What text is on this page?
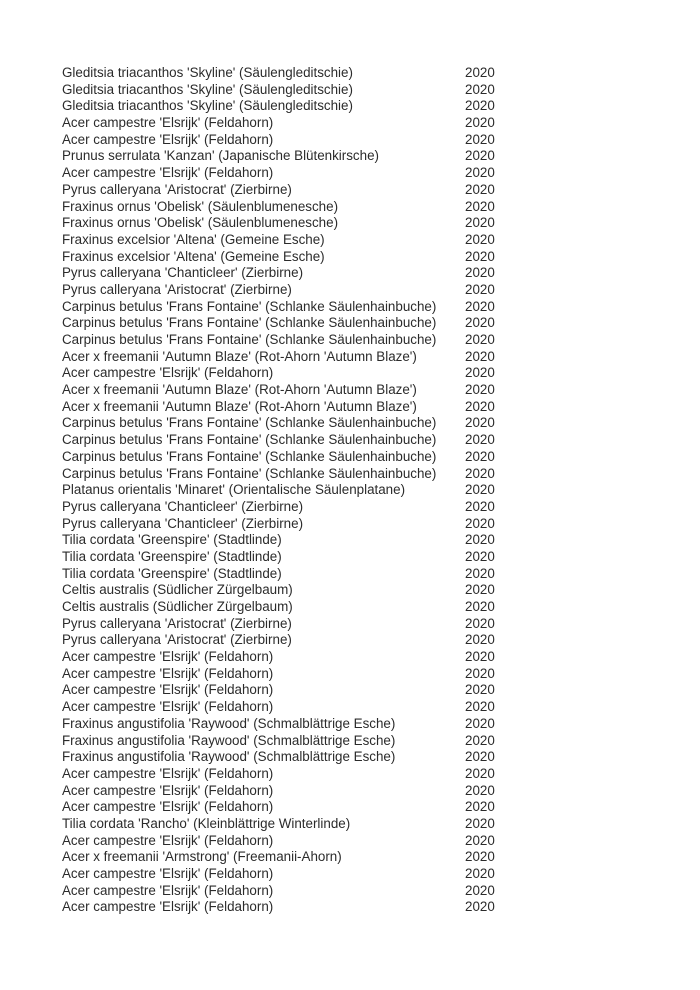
Gleditsia triacanthos 'Skyline' (Säulengleditschie)	2020
Gleditsia triacanthos 'Skyline' (Säulengleditschie)	2020
Gleditsia triacanthos 'Skyline' (Säulengleditschie)	2020
Acer campestre 'Elsrijk' (Feldahorn)	2020
Acer campestre 'Elsrijk' (Feldahorn)	2020
Prunus serrulata 'Kanzan' (Japanische Blütenkirsche)	2020
Acer campestre 'Elsrijk' (Feldahorn)	2020
Pyrus calleryana 'Aristocrat' (Zierbirne)	2020
Fraxinus ornus 'Obelisk' (Säulenblumenesche)	2020
Fraxinus ornus 'Obelisk' (Säulenblumenesche)	2020
Fraxinus excelsior 'Altena' (Gemeine Esche)	2020
Fraxinus excelsior 'Altena' (Gemeine Esche)	2020
Pyrus calleryana 'Chanticleer' (Zierbirne)	2020
Pyrus calleryana 'Aristocrat' (Zierbirne)	2020
Carpinus betulus 'Frans Fontaine' (Schlanke Säulenhainbuche)	2020
Carpinus betulus 'Frans Fontaine' (Schlanke Säulenhainbuche)	2020
Carpinus betulus 'Frans Fontaine' (Schlanke Säulenhainbuche)	2020
Acer x freemanii 'Autumn Blaze' (Rot-Ahorn 'Autumn Blaze')	2020
Acer campestre 'Elsrijk' (Feldahorn)	2020
Acer x freemanii 'Autumn Blaze' (Rot-Ahorn 'Autumn Blaze')	2020
Acer x freemanii 'Autumn Blaze' (Rot-Ahorn 'Autumn Blaze')	2020
Carpinus betulus 'Frans Fontaine' (Schlanke Säulenhainbuche)	2020
Carpinus betulus 'Frans Fontaine' (Schlanke Säulenhainbuche)	2020
Carpinus betulus 'Frans Fontaine' (Schlanke Säulenhainbuche)	2020
Carpinus betulus 'Frans Fontaine' (Schlanke Säulenhainbuche)	2020
Platanus orientalis 'Minaret' (Orientalische Säulenplatane)	2020
Pyrus calleryana 'Chanticleer' (Zierbirne)	2020
Pyrus calleryana 'Chanticleer' (Zierbirne)	2020
Tilia cordata 'Greenspire' (Stadtlinde)	2020
Tilia cordata 'Greenspire' (Stadtlinde)	2020
Tilia cordata 'Greenspire' (Stadtlinde)	2020
Celtis australis (Südlicher Zürgelbaum)	2020
Celtis australis (Südlicher Zürgelbaum)	2020
Pyrus calleryana 'Aristocrat' (Zierbirne)	2020
Pyrus calleryana 'Aristocrat' (Zierbirne)	2020
Acer campestre 'Elsrijk' (Feldahorn)	2020
Acer campestre 'Elsrijk' (Feldahorn)	2020
Acer campestre 'Elsrijk' (Feldahorn)	2020
Acer campestre 'Elsrijk' (Feldahorn)	2020
Fraxinus angustifolia 'Raywood' (Schmalblättrige Esche)	2020
Fraxinus angustifolia 'Raywood' (Schmalblättrige Esche)	2020
Fraxinus angustifolia 'Raywood' (Schmalblättrige Esche)	2020
Acer campestre 'Elsrijk' (Feldahorn)	2020
Acer campestre 'Elsrijk' (Feldahorn)	2020
Acer campestre 'Elsrijk' (Feldahorn)	2020
Tilia cordata 'Rancho' (Kleinblättrige Winterlinde)	2020
Acer campestre 'Elsrijk' (Feldahorn)	2020
Acer x freemanii 'Armstrong' (Freemanii-Ahorn)	2020
Acer campestre 'Elsrijk' (Feldahorn)	2020
Acer campestre 'Elsrijk' (Feldahorn)	2020
Acer campestre 'Elsrijk' (Feldahorn)	2020
